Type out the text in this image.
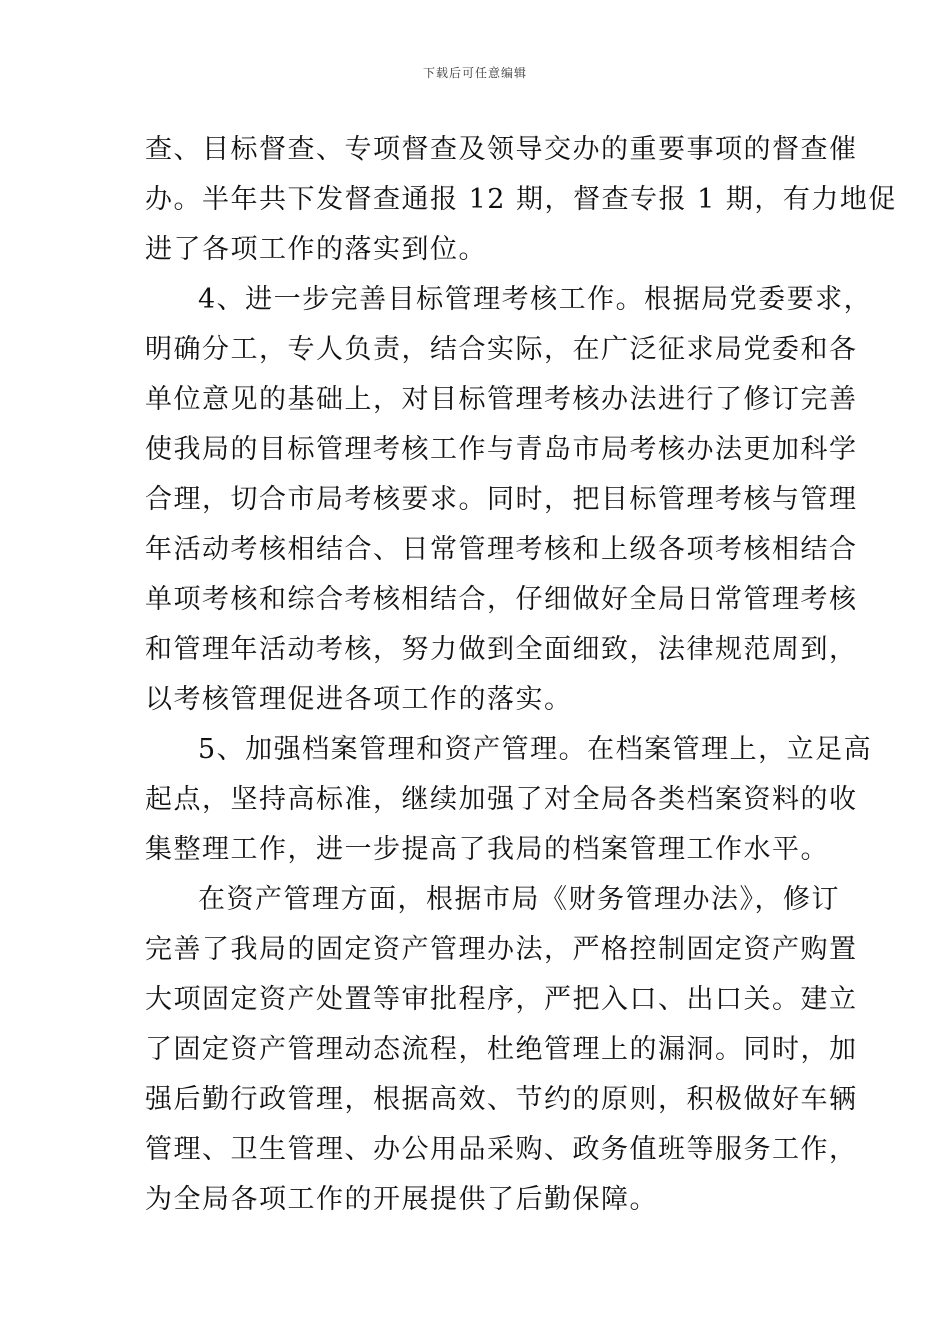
下载后可任意编辑
查、目标督查、专项督查及领导交办的重要事项的督查催
办。半年共下发督查通报 12 期，督查专报 1 期，有力地促
进了各项工作的落实到位。
4、进一步完善目标管理考核工作。根据局党委要求，
明确分工，专人负责，结合实际，在广泛征求局党委和各
单位意见的基础上，对目标管理考核办法进行了修订完善
使我局的目标管理考核工作与青岛市局考核办法更加科学
合理，切合市局考核要求。同时，把目标管理考核与管理
年活动考核相结合、日常管理考核和上级各项考核相结合
单项考核和综合考核相结合，仔细做好全局日常管理考核
和管理年活动考核，努力做到全面细致，法律规范周到，
以考核管理促进各项工作的落实。
5、加强档案管理和资产管理。在档案管理上，立足高
起点，坚持高标准，继续加强了对全局各类档案资料的收
集整理工作，进一步提高了我局的档案管理工作水平。
在资产管理方面，根据市局《财务管理办法》，修订
完善了我局的固定资产管理办法，严格控制固定资产购置
大项固定资产处置等审批程序，严把入口、出口关。建立
了固定资产管理动态流程，杜绝管理上的漏洞。同时，加
强后勤行政管理，根据高效、节约的原则，积极做好车辆
管理、卫生管理、办公用品采购、政务值班等服务工作，
为全局各项工作的开展提供了后勤保障。
